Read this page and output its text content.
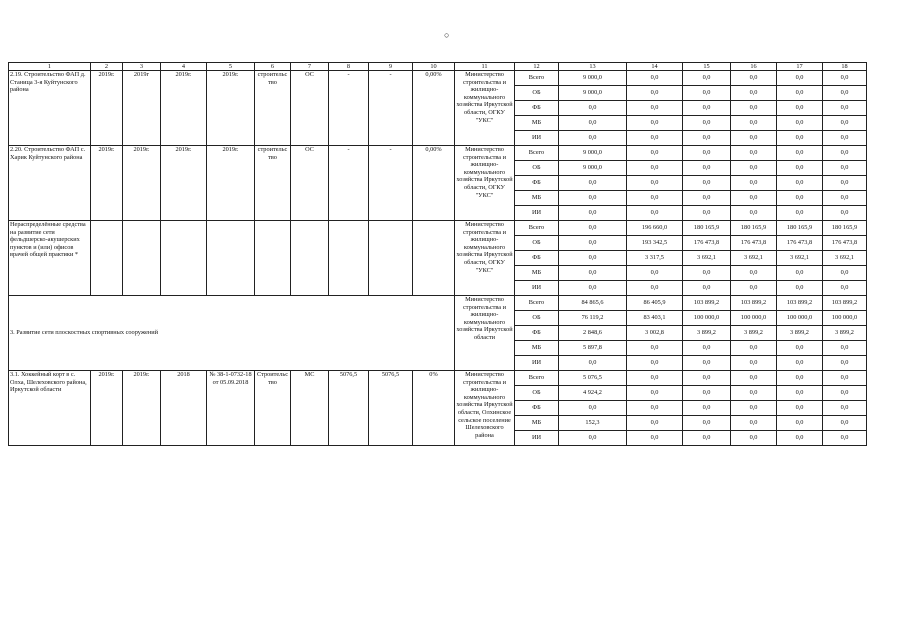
○
1	2	3	4	5	6	7	8	9	10	11	12	13	14	15	16	17	18
2.19. Строительство ФАП д. Станица 3-я Куйтунского района	2019г.	2019г	2019г.	2019г.	строительс тво	ОС	-	-	0,00%	Министерство строительства и жилищно-коммунального хозяйства Иркутской области, ОГКУ "УКС"	Всего	9 000,0	0,0	0,0	0,0	0,0	0,0
											ОБ	9 000,0	0,0	0,0	0,0	0,0	0,0
											ФБ	0,0	0,0	0,0	0,0	0,0	0,0
											МБ	0,0	0,0	0,0	0,0	0,0	0,0
											ИИ	0,0	0,0	0,0	0,0	0,0	0,0
2.20. Строительство ФАП с. Харик Куйтунского района	2019г.	2019г.	2019г.	2019г.	строительс тво	ОС	-	-	0,00%	Министерство строительства и жилищно-коммунального хозяйства Иркутской области, ОГКУ "УКС"	Всего	9 000,0	0,0	0,0	0,0	0,0	0,0
											ОБ	9 000,0	0,0	0,0	0,0	0,0	0,0
											ФБ	0,0	0,0	0,0	0,0	0,0	0,0
											МБ	0,0	0,0	0,0	0,0	0,0	0,0
											ИИ	0,0	0,0	0,0	0,0	0,0	0,0
Нераспределённые средства на развитие сети фельдшерско-акушерских пунктов и (или) офисов врачей общей практики *										Министерство строительства и жилищно-коммунального хозяйства Иркутской области, ОГКУ "УКС"	Всего	0,0	196 660,0	180 165,9	180 165,9	180 165,9	180 165,9
											ОБ	0,0	193 342,5	176 473,8	176 473,8	176 473,8	176 473,8
											ФБ	0,0	3 317,5	3 692,1	3 692,1	3 692,1	3 692,1
											МБ	0,0	0,0	0,0	0,0	0,0	0,0
											ИИ	0,0	0,0	0,0	0,0	0,0	0,0
3. Развитие сети плоскостных спортивных сооружений										Министерство строительства и жилищно-коммунального хозяйства Иркутской области	Всего	84 865,6	86 405,9	103 899,2	103 899,2	103 899,2	103 899,2
											ОБ	76 119,2	83 403,1	100 000,0	100 000,0	100 000,0	100 000,0
											ФБ	2 848,6	3 002,8	3 899,2	3 899,2	3 899,2	3 899,2
											МБ	5 897,8	0,0	0,0	0,0	0,0	0,0
											ИИ	0,0	0,0	0,0	0,0	0,0	0,0
3.1. Хоккейный корт в с. Олха, Шелеховского района, Иркутской области	2019г.	2019г.	2018	№ 38-1-0732-18 от 05.09.2018	Строительс тво	МС	5076,5	5076,5	0%	Министерство строительства и жилищно-коммунального хозяйства Иркутской области, Олхинское сельское поселение Шелеховского района	Всего	5 076,5	0,0	0,0	0,0	0,0	0,0
											ОБ	4 924,2	0,0	0,0	0,0	0,0	0,0
											ФБ	0,0	0,0	0,0	0,0	0,0	0,0
											МБ	152,3	0,0	0,0	0,0	0,0	0,0
											ИИ	0,0	0,0	0,0	0,0	0,0	0,0
